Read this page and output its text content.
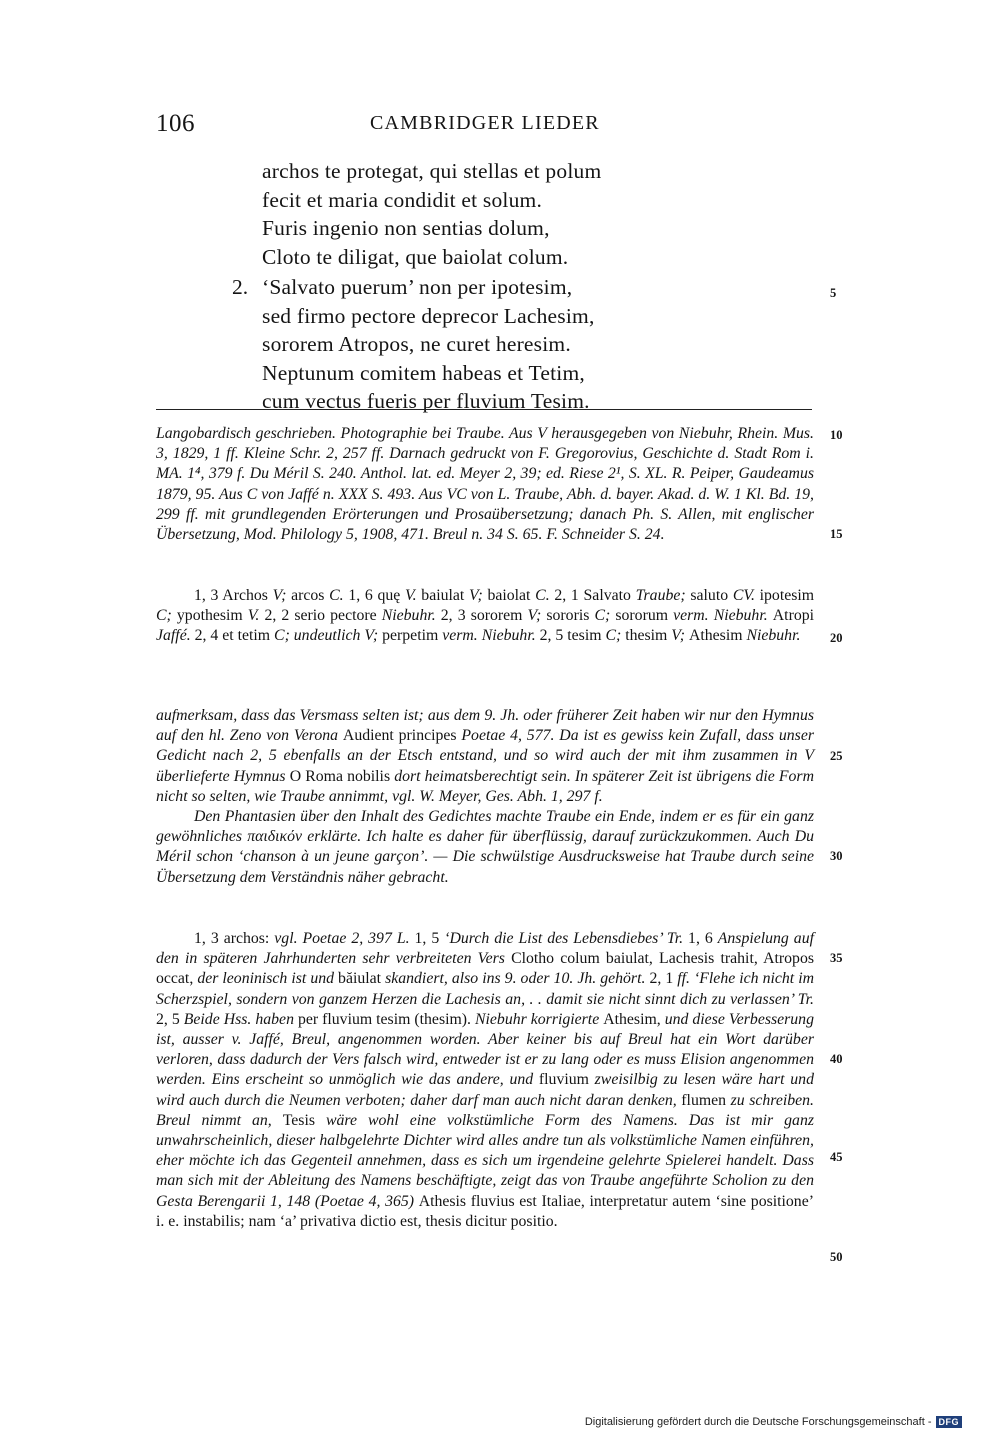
106	CAMBRIDGER LIEDER
archos te protegat, qui stellas et polum
fecit et maria condidit et solum.
Furis ingenio non sentias dolum,
Cloto te diligat, que baiolat colum.
2. ‘Salvato puerum’ non per ipotesim,
sed firmo pectore deprecor Lachesim,
sororem Atropos, ne curet heresim.
Neptunum comitem habeas et Tetim,
cum vectus fueris per fluvium Tesim.

Langobardisch geschrieben. Photographie bei Traube. Aus V herausgegeben von Niebuhr, Rhein. Mus. 3, 1829, 1 ff. Kleine Schr. 2, 257 ff. Darnach gedruckt von F. Gregorovius, Geschichte d. Stadt Rom i. MA. 1⁴, 379 f. Du Méril S. 240. Anthol. lat. ed. Meyer 2, 39; ed. Riese 2¹, S. XL. R. Peiper, Gaudeamus 1879, 95. Aus C von Jaffé n. XXX S. 493. Aus VC von L. Traube, Abh. d. bayer. Akad. d. W. 1 Kl. Bd. 19, 299 ff. mit grundlegenden Erörterungen und Prosaübersetzung; danach Ph. S. Allen, mit englischer Übersetzung, Mod. Philology 5, 1908, 471. Breul n. 34 S. 65. F. Schneider S. 24.

1, 3 Archos V; arcos C. 1, 6 quę V. baiulat V; baiolat C. 2, 1 Salvato Traube; saluto CV. ipotesim C; ypothesim V. 2, 2 serio pectore Niebuhr. 2, 3 sororem V; sororis C; sororum verm. Niebuhr. Atropi Jaffé. 2, 4 et tetim C; undeutlich V; perpetim verm. Niebuhr. 2, 5 tesim C; thesim V; Athesim Niebuhr.

aufmerksam, dass das Versmass selten ist; aus dem 9. Jh. oder früherer Zeit haben wir nur den Hymnus auf den hl. Zeno von Verona Audient principes Poetae 4, 577. Da ist es gewiss kein Zufall, dass unser Gedicht nach 2, 5 ebenfalls an der Etsch entstand, und so wird auch der mit ihm zusammen in V überlieferte Hymnus O Roma nobilis dort heimatsberechtigt sein. In späterer Zeit ist übrigens die Form nicht so selten, wie Traube annimmt, vgl. W. Meyer, Ges. Abh. 1, 297 f.

Den Phantasien über den Inhalt des Gedichtes machte Traube ein Ende, indem er es für ein ganz gewöhnliches παιδικόν erklärte. Ich halte es daher für überflüssig, darauf zurückzukommen. Auch Du Méril schon ‘chanson à un jeune garçon’. — Die schwülstige Ausdrucksweise hat Traube durch seine Übersetzung dem Verständnis näher gebracht.

1, 3 archos: vgl. Poetae 2, 397 L. 1, 5 ‘Durch die List des Lebensdiebes’ Tr. 1, 6 Anspielung auf den in späteren Jahrhunderten sehr verbreiteten Vers Clotho colum baiulat, Lachesis trahit, Atropos occat, der leoninisch ist und băiulat skandiert, also ins 9. oder 10. Jh. gehört. 2, 1 ff. ‘Flehe ich nicht im Scherzspiel, sondern von ganzem Herzen die Lachesis an, . . damit sie nicht sinnt dich zu verlassen’ Tr. 2, 5 Beide Hss. haben per fluvium tesim (thesim). Niebuhr korrigierte Athesim, und diese Verbesserung ist, ausser v. Jaffé, Breul, angenommen worden. Aber keiner bis auf Breul hat ein Wort darüber verloren, dass dadurch der Vers falsch wird, entweder ist er zu lang oder es muss Elision angenommen werden. Eins erscheint so unmöglich wie das andere, und fluvium zweisilbig zu lesen wäre hart und wird auch durch die Neumen verboten; daher darf man auch nicht daran denken, flumen zu schreiben. Breul nimmt an, Tesis wäre wohl eine volkstümliche Form des Namens. Das ist mir ganz unwahrscheinlich, dieser halbgelehrte Dichter wird alles andre tun als volkstümliche Namen einführen, eher möchte ich das Gegenteil annehmen, dass es sich um irgendeine gelehrte Spielerei handelt. Dass man sich mit der Ableitung des Namens beschäftigte, zeigt das von Traube angeführte Scholion zu den Gesta Berengarii 1, 148 (Poetae 4, 365) Athesis fluvius est Italiae, interpretatur autem ‘sine positione’ i. e. instabilis; nam ‘a’ privativa dictio est, thesis dicitur positio.

5
10
15
20
25
30
35
40
45
50
Digitalisierung gefördert durch die Deutsche Forschungsgemeinschaft - DFG
